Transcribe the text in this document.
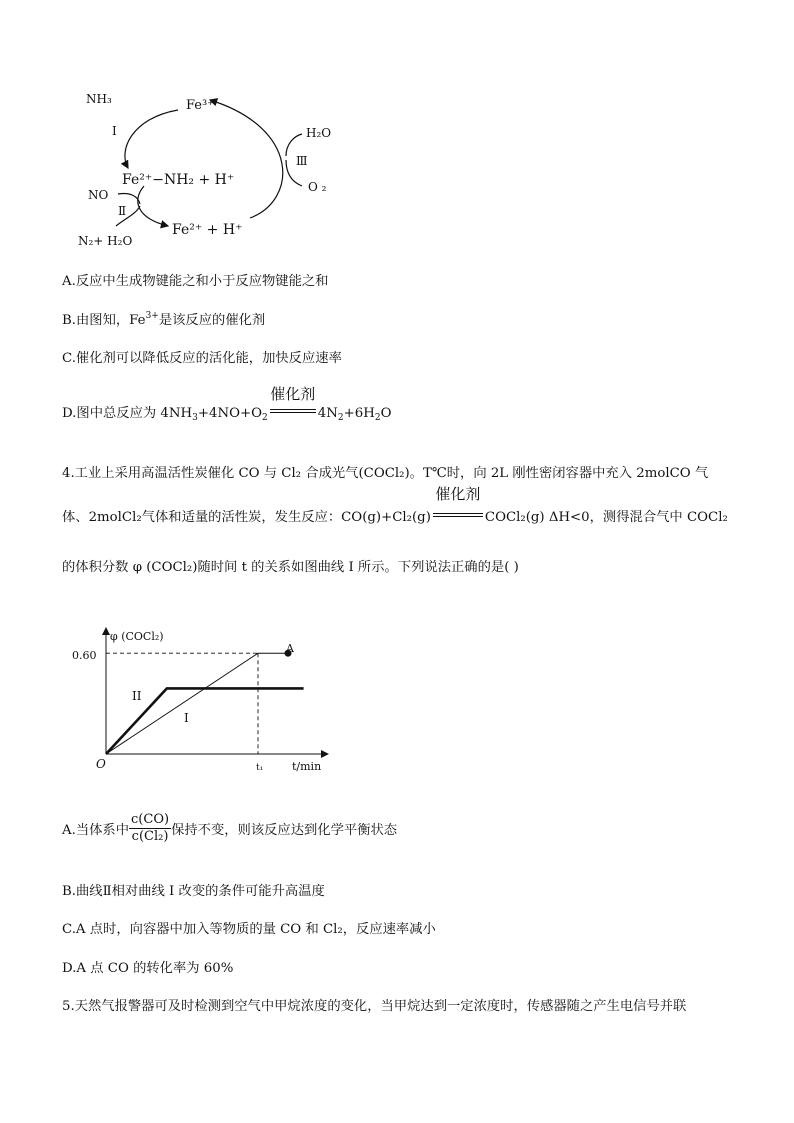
NH₃	Fe³⁺
Ⅰ
Fe²⁺−NH₂ + H⁺
NO
Ⅱ
N₂+ H₂O
Fe²⁺ + H⁺
H₂O
Ⅲ
O ₂
A.反应中生成物键能之和小于反应物键能之和
B.由图知，$Fe^{3+}$是该反应的催化剂
C.催化剂可以降低反应的活化能，加快反应速率
D.图中总反应为 $4NH_3+4NO+O_2$
催化剂
$4N_2+6H_2O$
4.工业上采用高温活性炭催化 CO 与 Cl₂ 合成光气(COCl₂)。T℃时，向 2L 刚性密闭容器中充入 2molCO 气
体、2molCl₂气体和适量的活性炭，发生反应：CO(g)+Cl₂(g)
催化剂
COCl₂(g) ΔH<0，测得混合气中 COCl₂
的体积分数 φ (COCl₂)随时间 t 的关系如图曲线 I 所示。下列说法正确的是( )
φ (COCl₂)
t/min
O
0.60
t₁
A
II
I
A.当体系中 $\frac{c(CO)}{\text{c(Cl₂)}}$ 保持不变，则该反应达到化学平衡状态
B.曲线Ⅱ相对曲线 I 改变的条件可能升高温度
C.A 点时，向容器中加入等物质的量 CO 和 Cl₂，反应速率减小
D.A 点 CO 的转化率为 60%
5.天然气报警器可及时检测到空气中甲烷浓度的变化，当甲烷达到一定浓度时，传感器随之产生电信号并联
